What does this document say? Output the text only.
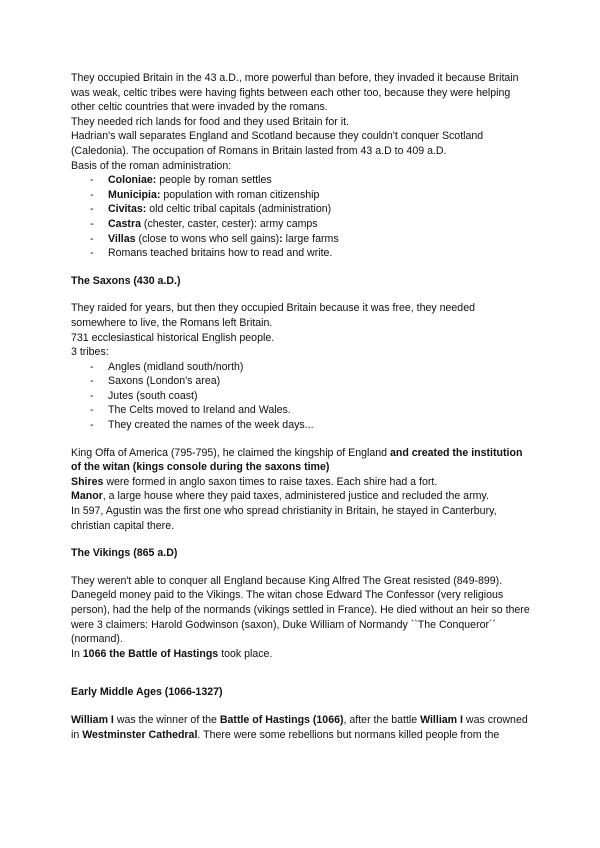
They occupied Britain in the 43 a.D., more powerful than before, they invaded it because Britain was weak, celtic tribes were having fights between each other too, because they were helping other celtic countries that were invaded by the romans.

They needed rich lands for food and they used Britain for it.

Hadrian's wall separates England and Scotland because they couldn't conquer Scotland (Caledonia). The occupation of Romans in Britain lasted from 43 a.D to 409 a.D.

Basis of the roman administration:

- Coloniae: people by roman settles
- Municipia: population with roman citizenship
- Civitas: old celtic tribal capitals (administration)
- Castra (chester, caster, cester): army camps
- Villas (close to wons who sell gains): large farms
- Romans teached britains how to read and write.

The Saxons (430 a.D.)

They raided for years, but then they occupied Britain because it was free, they needed somewhere to live, the Romans left Britain.

731 ecclesiastical historical English people.

3 tribes:

- Angles (midland south/north)
- Saxons (London's area)
- Jutes (south coast)
- The Celts moved to Ireland and Wales.
- They created the names of the week days...

King Offa of America (795-795), he claimed the kingship of England and created the institution of the witan (kings console during the saxons time)

Shires were formed in anglo saxon times to raise taxes. Each shire had a fort.

Manor, a large house where they paid taxes, administered justice and recluded the army.

In 597, Agustin was the first one who spread christianity in Britain, he stayed in Canterbury, christian capital there.

The Vikings (865 a.D)

They weren't able to conquer all England because King Alfred The Great resisted (849-899). Danegeld money paid to the Vikings. The witan chose Edward The Confessor (very religious person), had the help of the normands (vikings settled in France). He died without an heir so there were 3 claimers: Harold Godwinson (saxon), Duke William of Normandy ``The Conqueror´´ (normand).

In 1066 the Battle of Hastings took place.

Early Middle Ages (1066-1327)

William I was the winner of the Battle of Hastings (1066), after the battle William I was crowned in Westminster Cathedral. There were some rebellions but normans killed people from the
